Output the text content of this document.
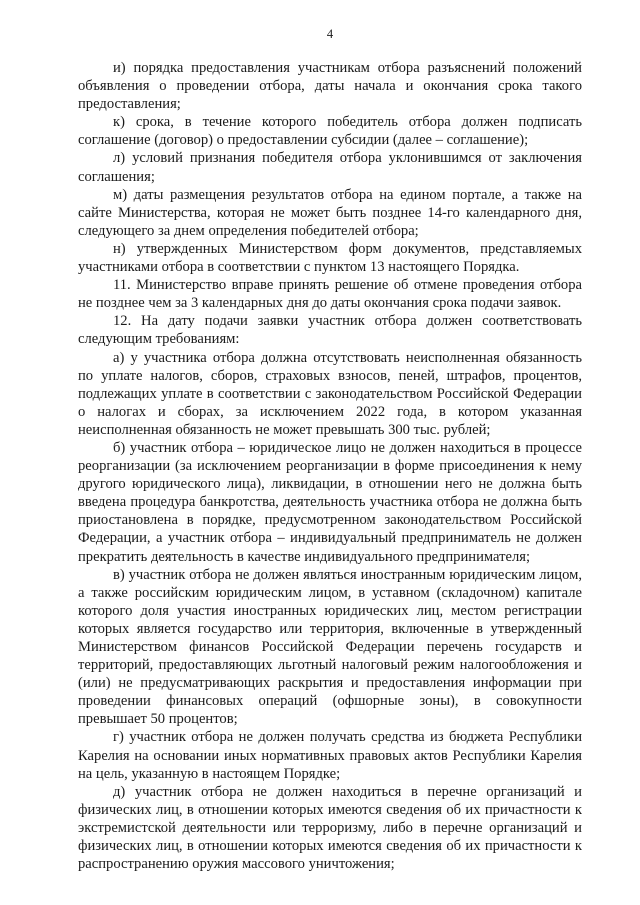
4

и) порядка предоставления участникам отбора разъяснений положений объявления о проведении отбора, даты начала и окончания срока такого предоставления;

к) срока, в течение которого победитель отбора должен подписать соглашение (договор) о предоставлении субсидии (далее – соглашение);

л) условий признания победителя отбора уклонившимся от заключения соглашения;

м) даты размещения результатов отбора на едином портале, а также на сайте Министерства, которая не может быть позднее 14-го календарного дня, следующего за днем определения победителей отбора;

н) утвержденных Министерством форм документов, представляемых участниками отбора в соответствии с пунктом 13 настоящего Порядка.

11. Министерство вправе принять решение об отмене проведения отбора не позднее чем за 3 календарных дня до даты окончания срока подачи заявок.

12. На дату подачи заявки участник отбора должен соответствовать следующим требованиям:

а) у участника отбора должна отсутствовать неисполненная обязанность по уплате налогов, сборов, страховых взносов, пеней, штрафов, процентов, подлежащих уплате в соответствии с законодательством Российской Федерации о налогах и сборах, за исключением 2022 года, в котором указанная неисполненная обязанность не может превышать 300 тыс. рублей;

б) участник отбора – юридическое лицо не должен находиться в процессе реорганизации (за исключением реорганизации в форме присоединения к нему другого юридического лица), ликвидации, в отношении него не должна быть введена процедура банкротства, деятельность участника отбора не должна быть приостановлена в порядке, предусмотренном законодательством Российской Федерации, а участник отбора – индивидуальный предприниматель не должен прекратить деятельность в качестве индивидуального предпринимателя;

в) участник отбора не должен являться иностранным юридическим лицом, а также российским юридическим лицом, в уставном (складочном) капитале которого доля участия иностранных юридических лиц, местом регистрации которых является государство или территория, включенные в утвержденный Министерством финансов Российской Федерации перечень государств и территорий, предоставляющих льготный налоговый режим налогообложения и (или) не предусматривающих раскрытия и предоставления информации при проведении финансовых операций (офшорные зоны), в совокупности превышает 50 процентов;

г) участник отбора не должен получать средства из бюджета Республики Карелия на основании иных нормативных правовых актов Республики Карелия на цель, указанную в настоящем Порядке;

д) участник отбора не должен находиться в перечне организаций и физических лиц, в отношении которых имеются сведения об их причастности к экстремистской деятельности или терроризму, либо в перечне организаций и физических лиц, в отношении которых имеются сведения об их причастности к распространению оружия массового уничтожения;
